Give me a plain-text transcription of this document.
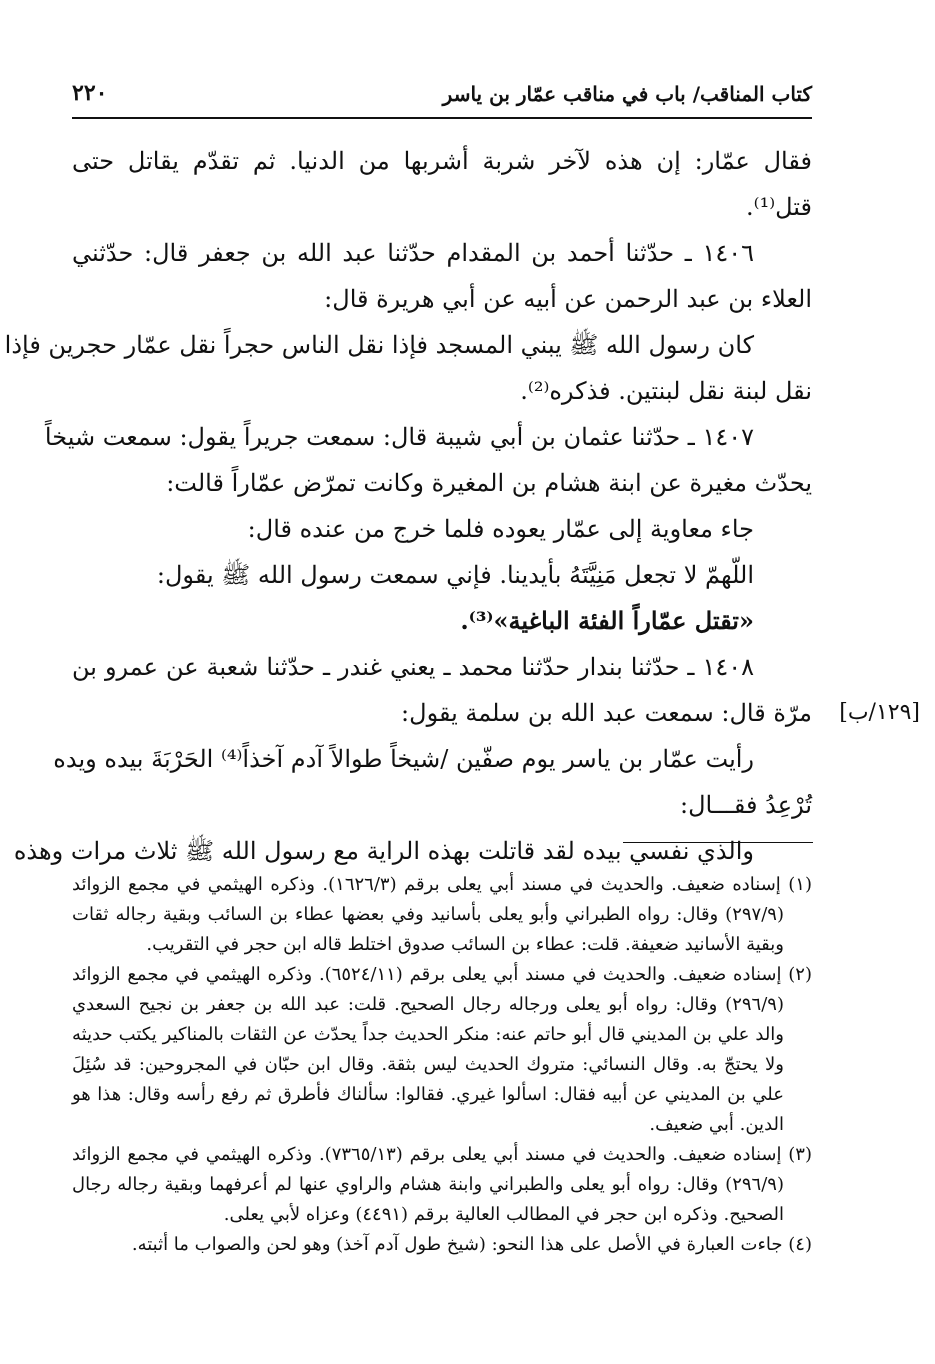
كتاب المناقب/ باب في مناقب عمّار بن ياسر
٢٢٠
[١٢٩/ب]
فقال عمّار: إن هذه لآخر شربة أشربها من الدنيا. ثم تقدّم يقاتل حتى
قتل⁽¹⁾.
١٤٠٦ ـ حدّثنا أحمد بن المقدام حدّثنا عبد الله بن جعفر قال: حدّثني
العلاء بن عبد الرحمن عن أبيه عن أبي هريرة قال:
كان رسول الله ﷺ يبني المسجد فإذا نقل الناس حجراً نقل عمّار حجرين فإذا
نقل لبنة نقل لبنتين. فذكره⁽²⁾.
١٤٠٧ ـ حدّثنا عثمان بن أبي شيبة قال: سمعت جريراً يقول: سمعت شيخاً
يحدّث مغيرة عن ابنة هشام بن المغيرة وكانت تمرّض عمّاراً قالت:
جاء معاوية إلى عمّار يعوده فلما خرج من عنده قال:
اللّهمّ لا تجعل مَنِيَّتَهُ بأيدينا. فإني سمعت رسول الله ﷺ يقول:
«تقتل عمّاراً الفئة الباغية»⁽³⁾.
١٤٠٨ ـ حدّثنا بندار حدّثنا محمد ـ يعني غندر ـ حدّثنا شعبة عن عمرو بن
مرّة قال: سمعت عبد الله بن سلمة يقول:
رأيت عمّار بن ياسر يوم صفّين /شيخاً طوالاً آدم آخذاً⁽⁴⁾ الحَرْبَةَ بيده ويده
تُرْعِدُ فقـــال:
والذي نفسي بيده لقد قاتلت بهذه الراية مع رسول الله ﷺ ثلاث مرات وهذه
(١) إسناده ضعيف. والحديث في مسند أبي يعلى برقم (١٦٢٦/٣). وذكره الهيثمي في مجمع الزوائد
(٢٩٧/٩) وقال: رواه الطبراني وأبو يعلى بأسانيد وفي بعضها عطاء بن السائب وبقية رجاله ثقات
وبقية الأسانيد ضعيفة. قلت: عطاء بن السائب صدوق اختلط قاله ابن حجر في التقريب.
(٢) إسناده ضعيف. والحديث في مسند أبي يعلى برقم (٦٥٢٤/١١). وذكره الهيثمي في مجمع الزوائد
(٢٩٦/٩) وقال: رواه أبو يعلى ورجاله رجال الصحيح. قلت: عبد الله بن جعفر بن نجيح السعدي
والد علي بن المديني قال أبو حاتم عنه: منكر الحديث جداً يحدّث عن الثقات بالمناكير يكتب حديثه
ولا يحتجّ به. وقال النسائي: متروك الحديث ليس بثقة. وقال ابن حبّان في المجروحين: قد سُئِلَ
علي بن المديني عن أبيه فقال: اسألوا غيري. فقالوا: سألناك فأطرق ثم رفع رأسه وقال: هذا هو
الدين. أبي ضعيف.
(٣) إسناده ضعيف. والحديث في مسند أبي يعلى برقم (٧٣٦٥/١٣). وذكره الهيثمي في مجمع الزوائد
(٢٩٦/٩) وقال: رواه أبو يعلى والطبراني وابنة هشام والراوي عنها لم أعرفهما وبقية رجاله رجال
الصحيح. وذكره ابن حجر في المطالب العالية برقم (٤٤٩١) وعزاه لأبي يعلى.
(٤) جاءت العبارة في الأصل على هذا النحو: (شيخ طول آدم آخذ) وهو لحن والصواب ما أثبته.
